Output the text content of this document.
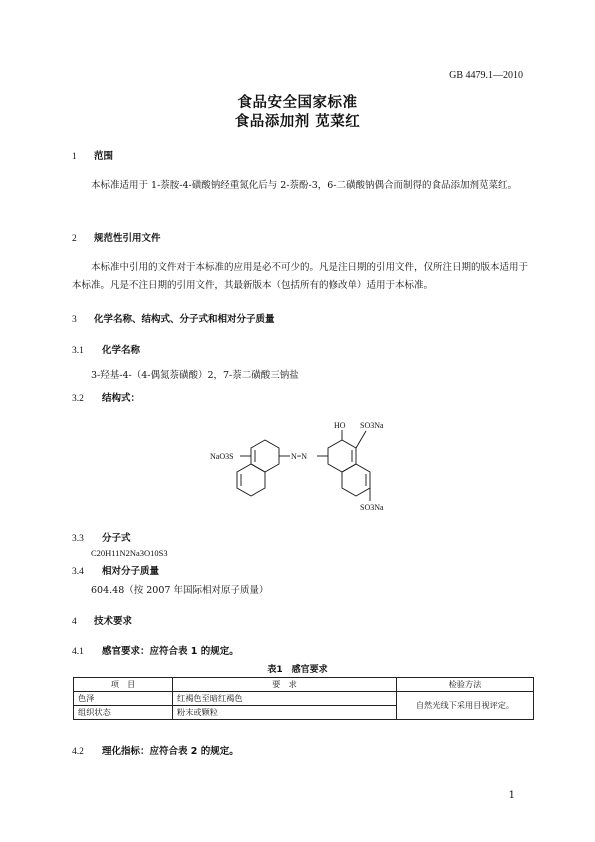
GB 4479.1—2010
食品安全国家标准
食品添加剂 苋菜红
1 范围
本标准适用于 1-萘胺-4-磺酸钠经重氮化后与 2-萘酚-3，6-二磺酸钠偶合而制得的食品添加剂苋菜红。
2 规范性引用文件
本标准中引用的文件对于本标准的应用是必不可少的。凡是注日期的引用文件，仅所注日期的版本适用于本标准。凡是不注日期的引用文件，其最新版本（包括所有的修改单）适用于本标准。
3 化学名称、结构式、分子式和相对分子质量
3.1 化学名称
3-羟基-4-（4-偶氮萘磺酸）2，7-萘二磺酸三钠盐
3.2 结构式：
NaO3S	N=N
HO SO3Na
SO3Na
3.3 分子式
C20H11N2Na3O10S3
3.4 相对分子质量
604.48（按 2007 年国际相对原子质量）
4 技术要求
4.1 感官要求：应符合表 1 的规定。
表1　感官要求
项　目	要　求	检验方法
色泽	红褐色至暗红褐色	自然光线下采用目视评定。
组织状态	粉末或颗粒	
4.2 理化指标：应符合表 2 的规定。
1
